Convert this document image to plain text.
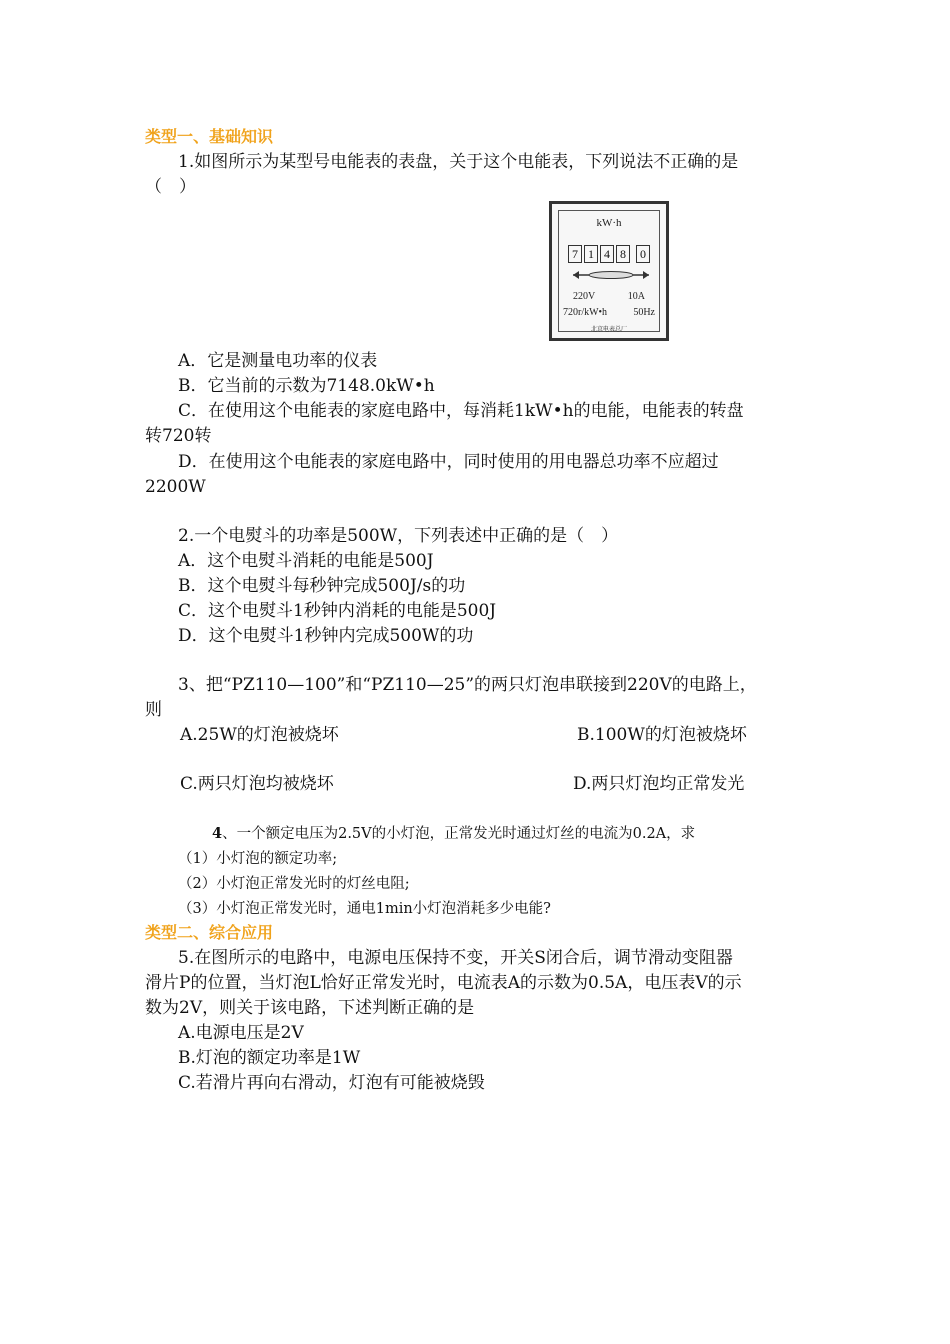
类型一、基础知识
1.如图所示为某型号电能表的表盘，关于这个电能表，下列说法不正确的是
（　）
kW·h
7 1 4 8	0
220V	10A
720r/kW•h	50Hz
北京电表总厂
A．它是测量电功率的仪表
B．它当前的示数为7148.0kW•h
C．在使用这个电能表的家庭电路中，每消耗1kW•h的电能，电能表的转盘
转720转
D．在使用这个电能表的家庭电路中，同时使用的用电器总功率不应超过
2200W
2.一个电熨斗的功率是500W，下列表述中正确的是（　）
A．这个电熨斗消耗的电能是500J
B．这个电熨斗每秒钟完成500J/s的功
C．这个电熨斗1秒钟内消耗的电能是500J
D．这个电熨斗1秒钟内完成500W的功
3、把“PZ110—100”和“PZ110—25”的两只灯泡串联接到220V的电路上，
则
A.25W的灯泡被烧坏	B.100W的灯泡被烧坏
C.两只灯泡均被烧坏	D.两只灯泡均正常发光
4、一个额定电压为2.5V的小灯泡，正常发光时通过灯丝的电流为0.2A，求
（1）小灯泡的额定功率;
（2）小灯泡正常发光时的灯丝电阻;
（3）小灯泡正常发光时，通电1min小灯泡消耗多少电能?
类型二、综合应用
5.在图所示的电路中，电源电压保持不变，开关S闭合后，调节滑动变阻器
滑片P的位置，当灯泡L恰好正常发光时，电流表A的示数为0.5A，电压表V的示
数为2V，则关于该电路，下述判断正确的是
A.电源电压是2V
B.灯泡的额定功率是1W
C.若滑片再向右滑动，灯泡有可能被烧毁
